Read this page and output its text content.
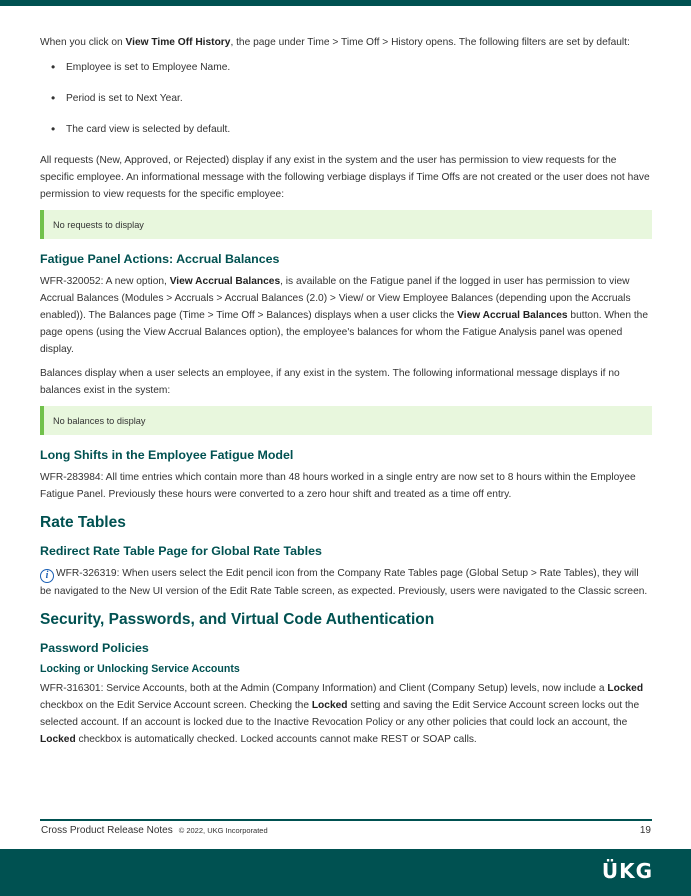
When you click on View Time Off History, the page under Time > Time Off > History opens. The following filters are set by default:

• Employee is set to Employee Name.
• Period is set to Next Year.
• The card view is selected by default.

All requests (New, Approved, or Rejected) display if any exist in the system and the user has permission to view requests for the specific employee. An informational message with the following verbiage displays if Time Offs are not created or the user does not have permission to view requests for the specific employee:

No requests to display
Fatigue Panel Actions: Accrual Balances

WFR-320052: A new option, View Accrual Balances, is available on the Fatigue panel if the logged in user has permission to view Accrual Balances (Modules > Accruals > Accrual Balances (2.0) > View/ or View Employee Balances (depending upon the Accruals enabled)). The Balances page (Time > Time Off > Balances) displays when a user clicks the View Accrual Balances button. When the page opens (using the View Accrual Balances option), the employee's balances for whom the Fatigue Analysis panel was opened display.

Balances display when a user selects an employee, if any exist in the system. The following informational message displays if no balances exist in the system:

No balances to display
Long Shifts in the Employee Fatigue Model

WFR-283984: All time entries which contain more than 48 hours worked in a single entry are now set to 8 hours within the Employee Fatigue Panel. Previously these hours were converted to a zero hour shift and treated as a time off entry.

Rate Tables
Redirect Rate Table Page for Global Rate Tables

i WFR-326319: When users select the Edit pencil icon from the Company Rate Tables page (Global Setup > Rate Tables), they will be navigated to the New UI version of the Edit Rate Table screen, as expected. Previously, users were navigated to the Classic screen.

Security, Passwords, and Virtual Code Authentication
Password Policies
Locking or Unlocking Service Accounts

WFR-316301: Service Accounts, both at the Admin (Company Information) and Client (Company Setup) levels, now include a Locked checkbox on the Edit Service Account screen. Checking the Locked setting and saving the Edit Service Account screen locks out the selected account. If an account is locked due to the Inactive Revocation Policy or any other policies that could lock an account, the Locked checkbox is automatically checked. Locked accounts cannot make REST or SOAP calls.

Cross Product Release Notes © 2022, UKG Incorporated	19
ÜKG
